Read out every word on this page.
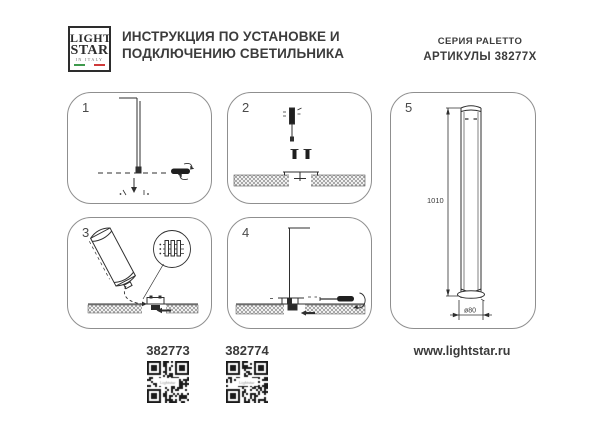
LIGHT
STAR
IN ITALY
ИНСТРУКЦИЯ ПО УСТАНОВКЕ И
ПОДКЛЮЧЕНИЮ СВЕТИЛЬНИКА
СЕРИЯ PALETTO
АРТИКУЛЫ 38277X
1	2
3	4
5
1010
ø80
382773	382774	www.lightstar.ru
